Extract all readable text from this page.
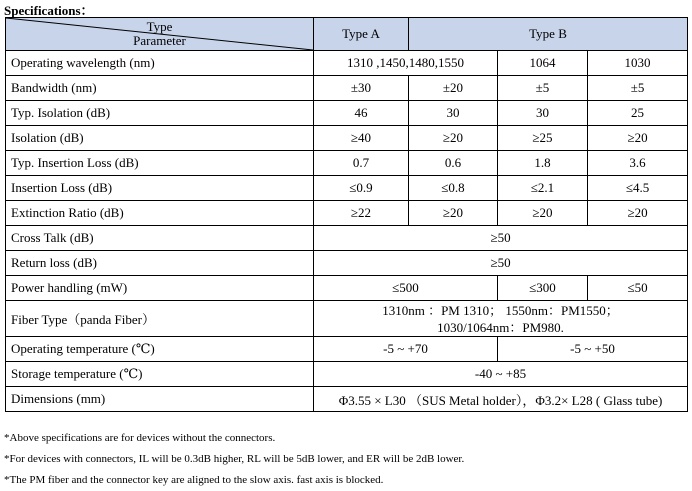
Specifications：
Type
Parameter	Type A	Type B		
Operating wavelength (nm)	1310 ,1450,1480,1550		1064	1030
Bandwidth (nm)	±30	±20	±5	±5
Typ. Isolation (dB)	46	30	30	25
Isolation (dB)	≥40	≥20	≥25	≥20
Typ. Insertion Loss (dB)	0.7	0.6	1.8	3.6
Insertion Loss (dB)	≤0.9	≤0.8	≤2.1	≤4.5
Extinction Ratio (dB)	≥22	≥20	≥20	≥20
Cross Talk (dB)	≥50			
Return loss (dB)	≥50			
Power handling (mW)	≤500		≤300	≤50
Fiber Type（panda Fiber）	1310nm ：PM 1310； 1550nm：PM1550；
1030/1064nm：PM980.			

Operating temperature (℃)	-5 ~ +70		-5 ~ +50	
Storage temperature (℃)	-40 ~ +85			
Dimensions (mm)	Φ3.55 × L30 （SUS Metal holder），Φ3.2× L28 ( Glass tube)			
*Above specifications are for devices without the connectors.
*For devices with connectors, IL will be 0.3dB higher, RL will be 5dB lower, and ER will be 2dB lower.
*The PM fiber and the connector key are aligned to the slow axis. fast axis is blocked.
